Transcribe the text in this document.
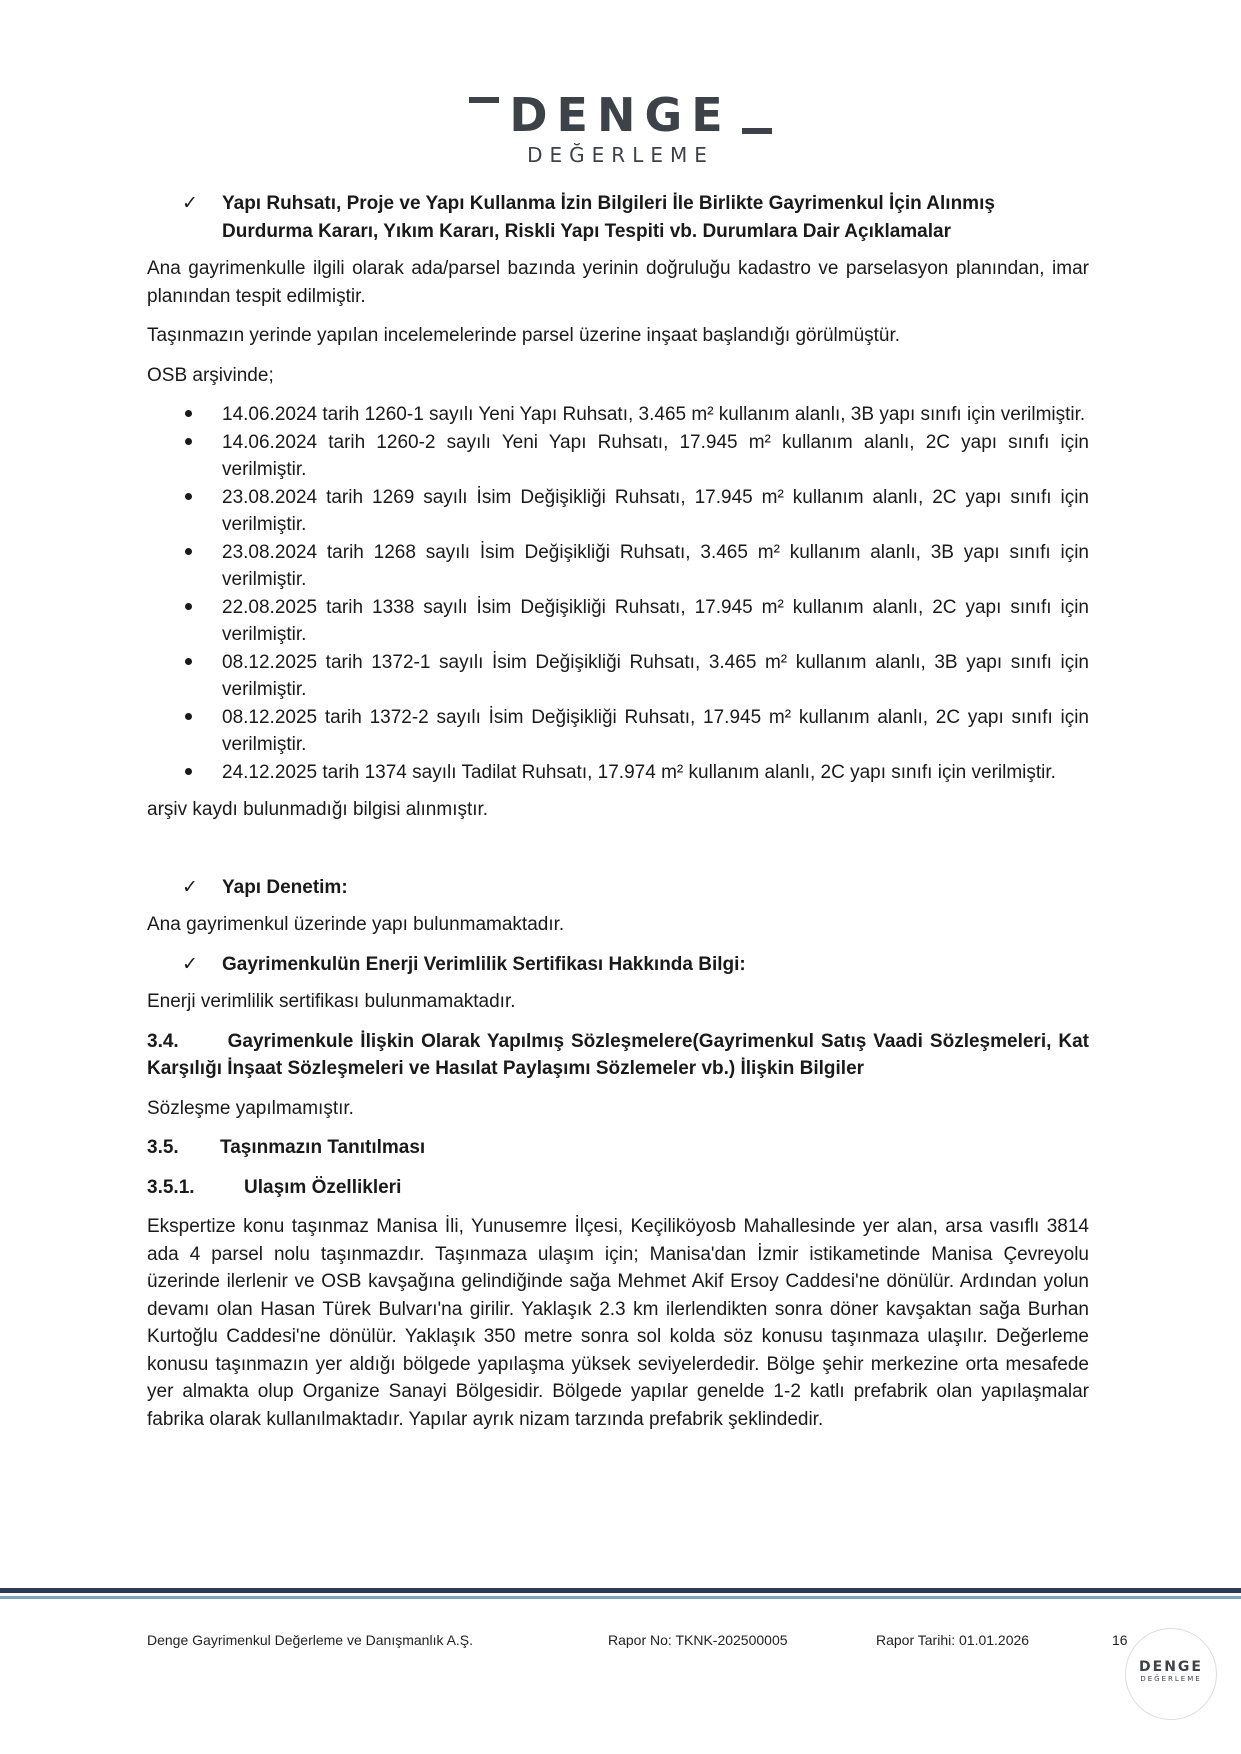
DENGE
DEĞERLEME
✓	Yapı Ruhsatı, Proje ve Yapı Kullanma İzin Bilgileri İle Birlikte Gayrimenkul İçin Alınmış Durdurma Kararı, Yıkım Kararı, Riskli Yapı Tespiti vb. Durumlara Dair Açıklamalar

Ana gayrimenkulle ilgili olarak ada/parsel bazında yerinin doğruluğu kadastro ve parselasyon planından, imar planından tespit edilmiştir.

Taşınmazın yerinde yapılan incelemelerinde parsel üzerine inşaat başlandığı görülmüştür.

OSB arşivinde;

14.06.2024 tarih 1260-1 sayılı Yeni Yapı Ruhsatı, 3.465 m² kullanım alanlı, 3B yapı sınıfı için verilmiştir.
14.06.2024 tarih 1260-2 sayılı Yeni Yapı Ruhsatı, 17.945 m² kullanım alanlı, 2C yapı sınıfı için verilmiştir.
23.08.2024 tarih 1269 sayılı İsim Değişikliği Ruhsatı, 17.945 m² kullanım alanlı, 2C yapı sınıfı için verilmiştir.
23.08.2024 tarih 1268 sayılı İsim Değişikliği Ruhsatı, 3.465 m² kullanım alanlı, 3B yapı sınıfı için verilmiştir.
22.08.2025 tarih 1338 sayılı İsim Değişikliği Ruhsatı, 17.945 m² kullanım alanlı, 2C yapı sınıfı için verilmiştir.
08.12.2025 tarih 1372-1 sayılı İsim Değişikliği Ruhsatı, 3.465 m² kullanım alanlı, 3B yapı sınıfı için verilmiştir.
08.12.2025 tarih 1372-2 sayılı İsim Değişikliği Ruhsatı, 17.945 m² kullanım alanlı, 2C yapı sınıfı için verilmiştir.
24.12.2025 tarih 1374 sayılı Tadilat Ruhsatı, 17.974 m² kullanım alanlı, 2C yapı sınıfı için verilmiştir.

arşiv kaydı bulunmadığı bilgisi alınmıştır.

✓	Yapı Denetim:

Ana gayrimenkul üzerinde yapı bulunmamaktadır.

✓	Gayrimenkulün Enerji Verimlilik Sertifikası Hakkında Bilgi:

Enerji verimlilik sertifikası bulunmamaktadır.

3.4.       Gayrimenkule İlişkin Olarak Yapılmış Sözleşmelere(Gayrimenkul Satış Vaadi Sözleşmeleri, Kat Karşılığı İnşaat Sözleşmeleri ve Hasılat Paylaşımı Sözlemeler vb.) İlişkin Bilgiler

Sözleşme yapılmamıştır.

3.5.	Taşınmazın Tanıtılması
3.5.1.	Ulaşım Özellikleri

Ekspertize konu taşınmaz Manisa İli, Yunusemre İlçesi, Keçiliköyosb Mahallesinde yer alan, arsa vasıflı 3814 ada 4 parsel nolu taşınmazdır. Taşınmaza ulaşım için; Manisa'dan İzmir istikametinde Manisa Çevreyolu üzerinde ilerlenir ve OSB kavşağına gelindiğinde sağa Mehmet Akif Ersoy Caddesi'ne dönülür. Ardından yolun devamı olan Hasan Türek Bulvarı'na girilir. Yaklaşık 2.3 km ilerlendikten sonra döner kavşaktan sağa Burhan Kurtoğlu Caddesi'ne dönülür. Yaklaşık 350 metre sonra sol kolda söz konusu taşınmaza ulaşılır. Değerleme konusu taşınmazın yer aldığı bölgede yapılaşma yüksek seviyelerdedir. Bölge şehir merkezine orta mesafede yer almakta olup Organize Sanayi Bölgesidir. Bölgede yapılar genelde 1-2 katlı prefabrik olan yapılaşmalar fabrika olarak kullanılmaktadır. Yapılar ayrık nizam tarzında prefabrik şeklindedir.

Denge Gayrimenkul Değerleme ve Danışmanlık A.Ş.	Rapor No: TKNK-202500005	Rapor Tarihi: 01.01.2026	16
DENGE
DEĞERLEME
